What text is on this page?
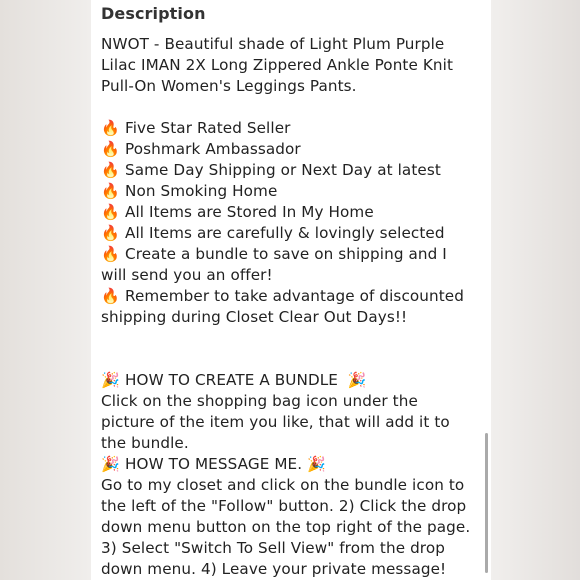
Description
NWOT - Beautiful shade of Light Plum Purple
Lilac IMAN 2X Long Zippered Ankle Ponte Knit
Pull-On Women's Leggings Pants.
🔥 Five Star Rated Seller
🔥 Poshmark Ambassador
🔥 Same Day Shipping or Next Day at latest
🔥 Non Smoking Home
🔥 All Items are Stored In My Home
🔥 All Items are carefully & lovingly selected
🔥 Create a bundle to save on shipping and I
will send you an offer!
🔥 Remember to take advantage of discounted
shipping during Closet Clear Out Days!!
🎉 HOW TO CREATE A BUNDLE 🎉
Click on the shopping bag icon under the
picture of the item you like, that will add it to
the bundle.
🎉 HOW TO MESSAGE ME. 🎉
Go to my closet and click on the bundle icon to
the left of the "Follow" button. 2) Click the drop
down menu button on the top right of the page.
3) Select "Switch To Sell View" from the drop
down menu. 4) Leave your private message!
